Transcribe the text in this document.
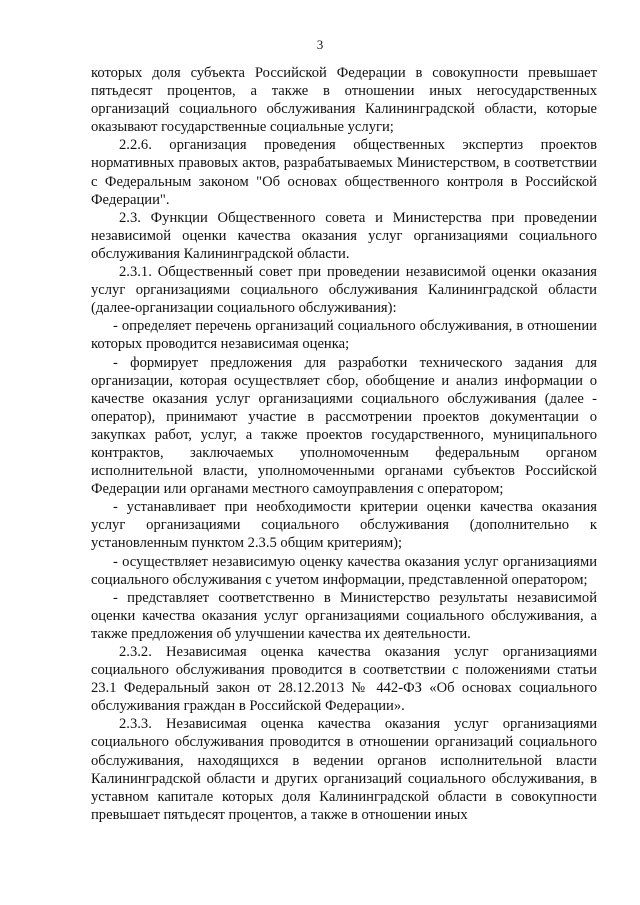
3

которых доля субъекта Российской Федерации в совокупности превышает пятьдесят процентов, а также в отношении иных негосударственных организаций социального обслуживания Калининградской области, которые оказывают государственные социальные услуги;

2.2.6. организация проведения общественных экспертиз проектов нормативных правовых актов, разрабатываемых Министерством, в соответствии с Федеральным законом "Об основах общественного контроля в Российской Федерации".

2.3. Функции Общественного совета и Министерства при проведении независимой оценки качества оказания услуг организациями социального обслуживания Калининградской области.

2.3.1. Общественный совет при проведении независимой оценки оказания услуг организациями социального обслуживания Калининградской области (далее-организации социального обслуживания):

- определяет перечень организаций социального обслуживания, в отношении которых проводится независимая оценка;

- формирует предложения для разработки технического задания для организации, которая осуществляет сбор, обобщение и анализ информации о качестве оказания услуг организациями социального обслуживания (далее - оператор), принимают участие в рассмотрении проектов документации о закупках работ, услуг, а также проектов государственного, муниципального контрактов, заключаемых уполномоченным федеральным органом исполнительной власти, уполномоченными органами субъектов Российской Федерации или органами местного самоуправления с оператором;

- устанавливает при необходимости критерии оценки качества оказания услуг организациями социального обслуживания (дополнительно к установленным пунктом 2.3.5 общим критериям);

- осуществляет независимую оценку качества оказания услуг организациями социального обслуживания с учетом информации, представленной оператором;

- представляет соответственно в Министерство результаты независимой оценки качества оказания услуг организациями социального обслуживания, а также предложения об улучшении качества их деятельности.

2.3.2. Независимая оценка качества оказания услуг организациями социального обслуживания проводится в соответствии с положениями статьи 23.1 Федеральный закон от 28.12.2013 № 442-ФЗ «Об основах социального обслуживания граждан в Российской Федерации».

2.3.3. Независимая оценка качества оказания услуг организациями социального обслуживания проводится в отношении организаций социального обслуживания, находящихся в ведении органов исполнительной власти Калининградской области и других организаций социального обслуживания, в уставном капитале которых доля Калининградской области в совокупности превышает пятьдесят процентов, а также в отношении иных
